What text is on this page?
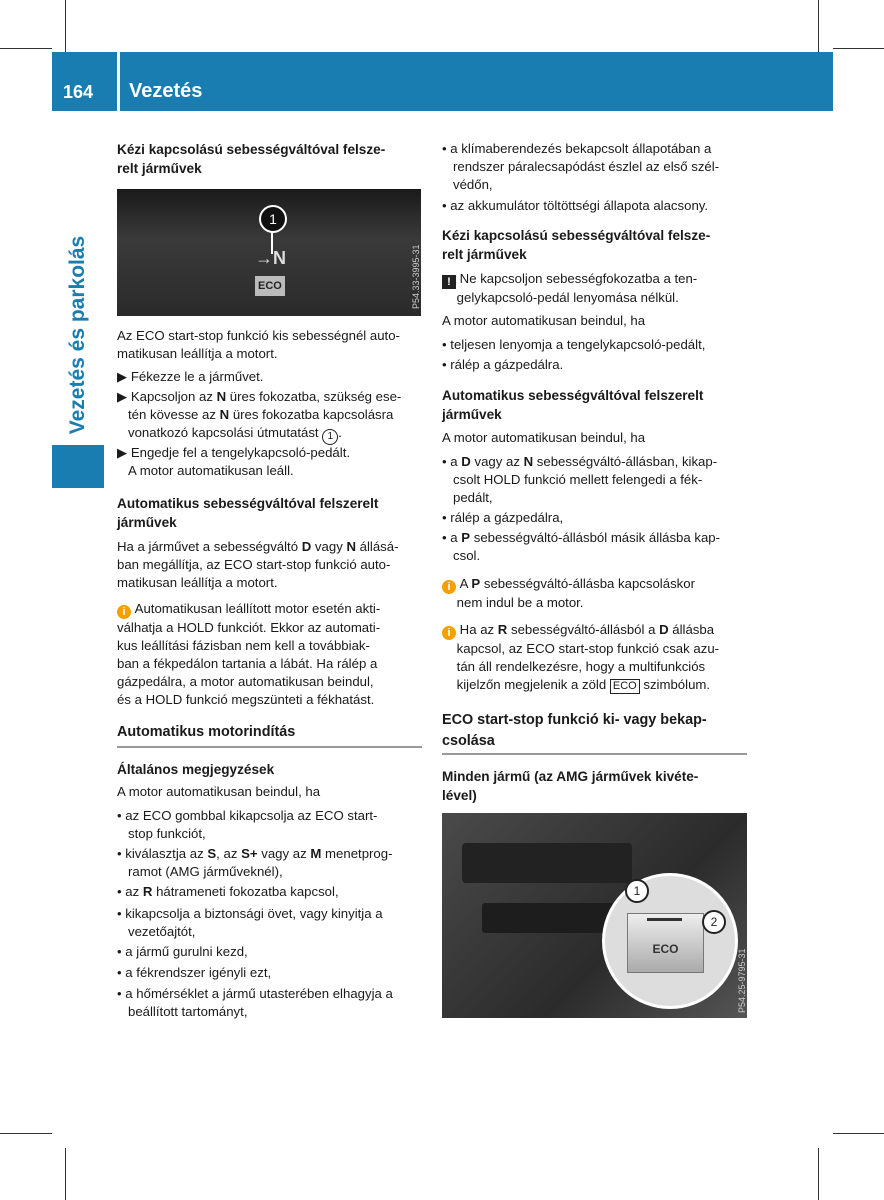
164 Vezetés
Vezetés és parkolás

Kézi kapcsolású sebességváltóval felsze-
relt járművek

1
→N
ECO	P54.33-3995-31

Az ECO start-stop funkció kis sebességnél auto-
matikusan leállítja a motort.

▶ Fékezze le a járművet.

▶ Kapcsoljon az N üres fokozatba, szükség ese-
tén kövesse az N üres fokozatba kapcsolásra
vonatkozó kapcsolási útmutatást 1 .

▶ Engedje fel a tengelykapcsoló-pedált.
A motor automatikusan leáll.

Automatikus sebességváltóval felszerelt
járművek

Ha a járművet a sebességváltó D vagy N állásá-
ban megállítja, az ECO start-stop funkció auto-
matikusan leállítja a motort.

i Automatikusan leállított motor esetén akti-
válhatja a HOLD funkciót. Ekkor az automati-
kus leállítási fázisban nem kell a továbbiak-
ban a fékpedálon tartania a lábát. Ha rálép a
gázpedálra, a motor automatikusan beindul,
és a HOLD funkció megszünteti a fékhatást.

Automatikus motorindítás

Általános megjegyzések

A motor automatikusan beindul, ha

• az ECO gombbal kikapcsolja az ECO start-
stop funkciót,

• kiválasztja az S, az S+ vagy az M menetprog-
ramot (AMG járműveknél),

• az R hátrameneti fokozatba kapcsol,

• kikapcsolja a biztonsági övet, vagy kinyitja a
vezetőajtót,

• a jármű gurulni kezd,

• a fékrendszer igényli ezt,

• a hőmérséklet a jármű utasterében elhagyja a
beállított tartományt,

• a klímaberendezés bekapcsolt állapotában a
rendszer páralecsapódást észlel az első szél-
védőn,

• az akkumulátor töltöttségi állapota alacsony.

Kézi kapcsolású sebességváltóval felsze-
relt járművek

! Ne kapcsoljon sebességfokozatba a ten-
gelykapcsoló-pedál lenyomása nélkül.

A motor automatikusan beindul, ha

• teljesen lenyomja a tengelykapcsoló-pedált,

• rálép a gázpedálra.

Automatikus sebességváltóval felszerelt
járművek

A motor automatikusan beindul, ha

• a D vagy az N sebességváltó-állásban, kikap-
csolt HOLD funkció mellett felengedi a fék-
pedált,

• rálép a gázpedálra,

• a P sebességváltó-állásból másik állásba kap-
csol.

i A P sebességváltó-állásba kapcsoláskor
nem indul be a motor.

i Ha az R sebességváltó-állásból a D állásba
kapcsol, az ECO start-stop funkció csak azu-
tán áll rendelkezésre, hogy a multifunkciós
kijelzőn megjelenik a zöld ECO szimbólum.

ECO start-stop funkció ki- vagy bekap-
csolása

Minden jármű (az AMG járművek kivéte-
lével)

ECO
1
2
P54.25-9795-31
